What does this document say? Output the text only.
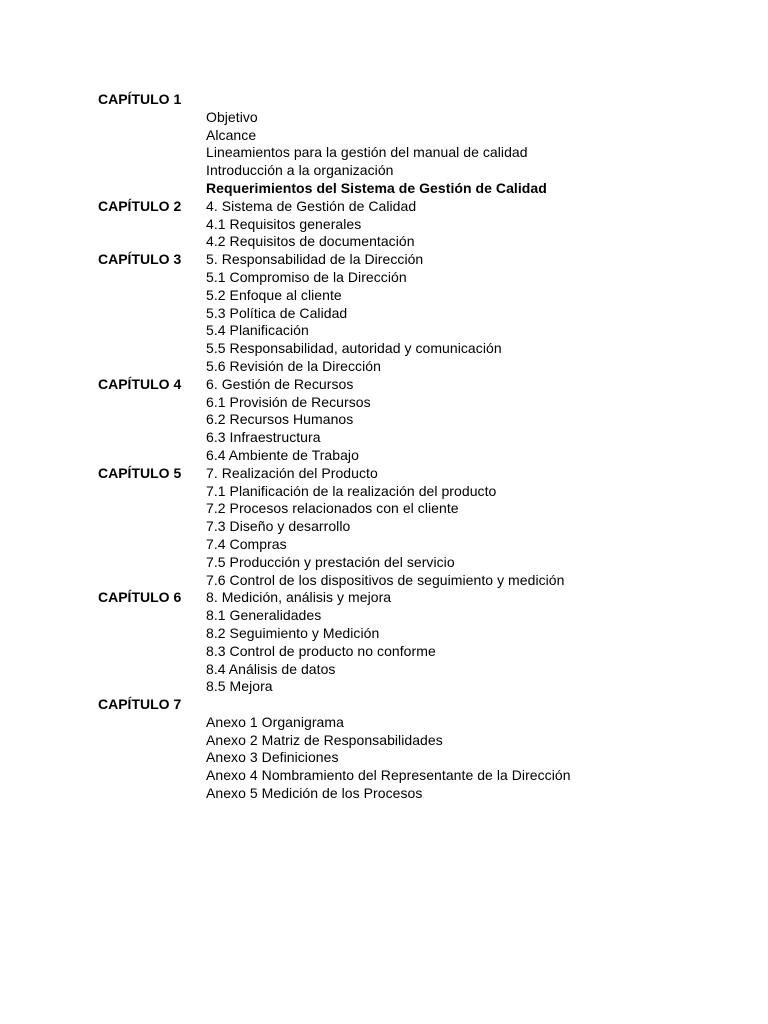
CAPÍTULO 1
Objetivo
Alcance
Lineamientos para la gestión del manual de calidad
Introducción a la organización
Requerimientos del Sistema de Gestión de Calidad
CAPÍTULO 2	4. Sistema de Gestión de Calidad
4.1 Requisitos generales
4.2 Requisitos de documentación
CAPÍTULO 3	5. Responsabilidad de la Dirección
5.1 Compromiso de la Dirección
5.2 Enfoque al cliente
5.3 Política de Calidad
5.4 Planificación
5.5 Responsabilidad, autoridad y comunicación
5.6 Revisión de la Dirección
CAPÍTULO 4	6. Gestión de Recursos
6.1 Provisión de Recursos
6.2 Recursos Humanos
6.3 Infraestructura
6.4 Ambiente de Trabajo
CAPÍTULO 5	7. Realización del Producto
7.1 Planificación de la realización del producto
7.2 Procesos relacionados con el cliente
7.3 Diseño y desarrollo
7.4 Compras
7.5 Producción y prestación del servicio
7.6 Control de los dispositivos de seguimiento y medición
CAPÍTULO 6	8. Medición, análisis y mejora
8.1 Generalidades
8.2 Seguimiento y Medición
8.3 Control de producto no conforme
8.4 Análisis de datos
8.5 Mejora
CAPÍTULO 7
Anexo 1 Organigrama
Anexo 2 Matriz de Responsabilidades
Anexo 3 Definiciones
Anexo 4 Nombramiento del Representante de la Dirección
Anexo 5 Medición de los Procesos
